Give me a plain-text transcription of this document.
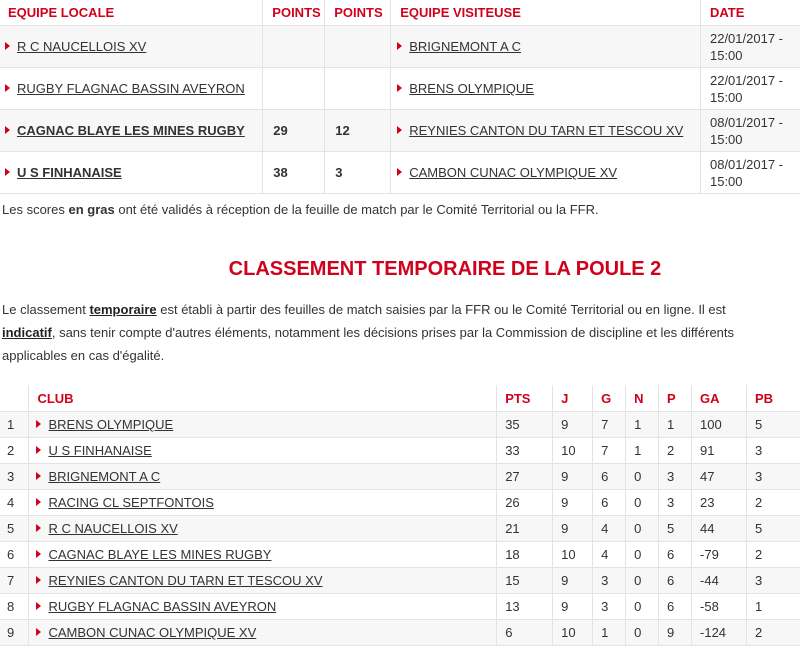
EQUIPE LOCALE	POINTS	POINTS	EQUIPE VISITEUSE	DATE
R C NAUCELLOIS XV			BRIGNEMONT A C	22/01/2017 -
15:00
RUGBY FLAGNAC BASSIN AVEYRON			BRENS OLYMPIQUE	22/01/2017 -
15:00
CAGNAC BLAYE LES MINES RUGBY	29	12	REYNIES CANTON DU TARN ET TESCOU XV	08/01/2017 -
15:00
U S FINHANAISE	38	3	CAMBON CUNAC OLYMPIQUE XV	08/01/2017 -
15:00
Les scores en gras ont été validés à réception de la feuille de match par le Comité Territorial ou la FFR.
CLASSEMENT TEMPORAIRE DE LA POULE 2
Le classement temporaire est établi à partir des feuilles de match saisies par la FFR ou le Comité Territorial ou en ligne. Il est
indicatif, sans tenir compte d'autres éléments, notamment les décisions prises par la Commission de discipline et les différents
applicables en cas d'égalité.
	CLUB	PTS	J	G	N	P	GA	PB
1	BRENS OLYMPIQUE	35	9	7	1	1	100	5
2	U S FINHANAISE	33	10	7	1	2	91	3
3	BRIGNEMONT A C	27	9	6	0	3	47	3
4	RACING CL SEPTFONTOIS	26	9	6	0	3	23	2
5	R C NAUCELLOIS XV	21	9	4	0	5	44	5
6	CAGNAC BLAYE LES MINES RUGBY	18	10	4	0	6	-79	2
7	REYNIES CANTON DU TARN ET TESCOU XV	15	9	3	0	6	-44	3
8	RUGBY FLAGNAC BASSIN AVEYRON	13	9	3	0	6	-58	1
9	CAMBON CUNAC OLYMPIQUE XV	6	10	1	0	9	-124	2
